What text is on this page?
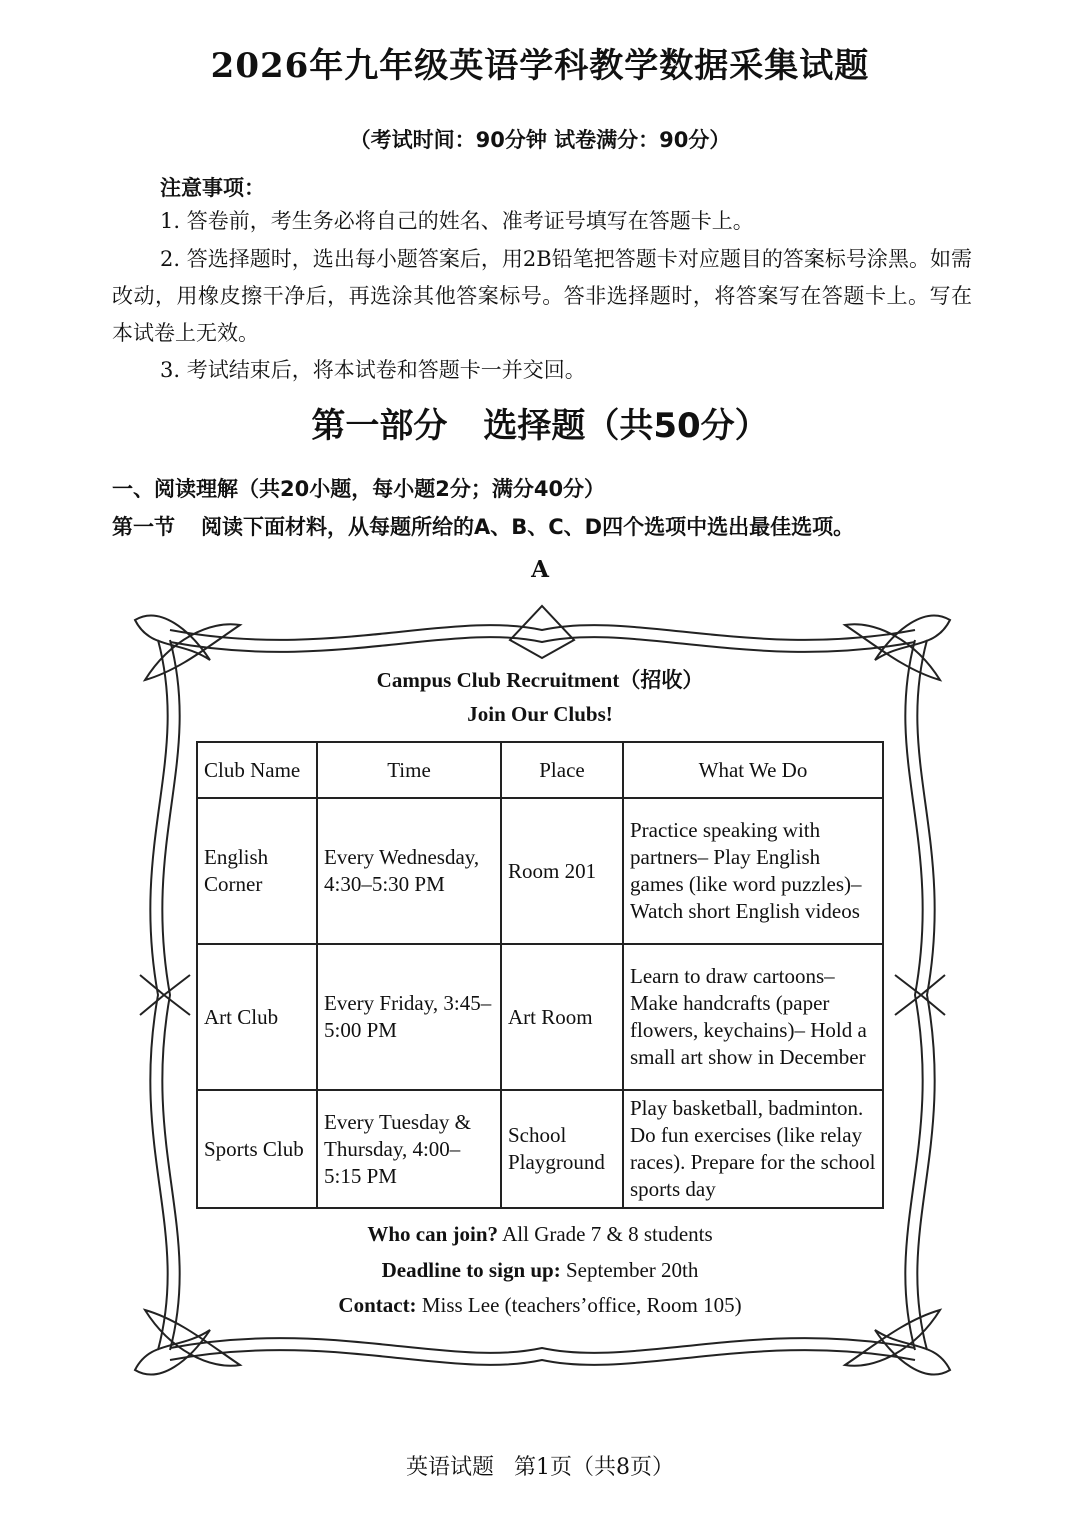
2026年九年级英语学科教学数据采集试题
（考试时间：90分钟 试卷满分：90分）
注意事项：
1. 答卷前，考生务必将自己的姓名、准考证号填写在答题卡上。
2. 答选择题时，选出每小题答案后，用2B铅笔把答题卡对应题目的答案标号涂黑。如需改动，用橡皮擦干净后，再选涂其他答案标号。答非选择题时，将答案写在答题卡上。写在本试卷上无效。
3. 考试结束后，将本试卷和答题卡一并交回。
第一部分 选择题（共50分）
一、阅读理解（共20小题，每小题2分；满分40分）
第一节 阅读下面材料，从每题所给的A、B、C、D四个选项中选出最佳选项。
A
Campus Club Recruitment（招收）
Join Our Clubs!
Club Name	Time	Place	What We Do
English Corner	Every Wednesday, 4:30–5:30 PM	Room 201	Practice speaking with partners– Play English games (like word puzzles)– Watch short English videos
Art Club	Every Friday, 3:45–5:00 PM	Art Room	Learn to draw cartoons– Make handcrafts (paper flowers, keychains)– Hold a small art show in December
Sports Club	Every Tuesday & Thursday, 4:00–5:15 PM	School Playground	Play basketball, badminton. Do fun exercises (like relay races). Prepare for the school sports day
Who can join? All Grade 7 & 8 students
Deadline to sign up: September 20th
Contact: Miss Lee (teachers’office, Room 105)
英语试题 第1页（共8页）
